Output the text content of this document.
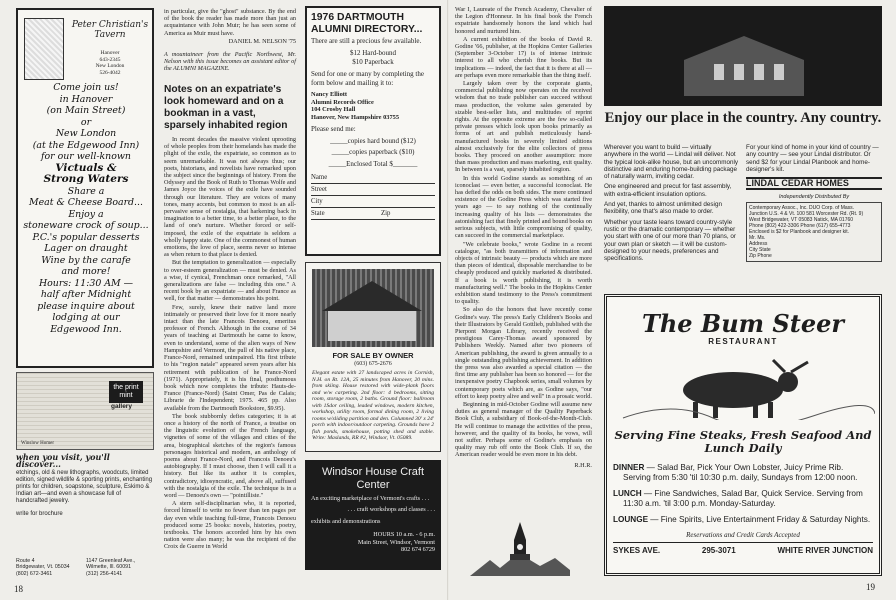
Peter Christian's Tavern
Hanover
643-2345
New London
526-4042
Come join us!
in Hanover
(on Main Street)
or
New London
(at the Edgewood Inn)
for our well-known
Victuals &
Strong Waters
Share a
Meat & Cheese Board...
Enjoy a
stoneware crock of soup...
P.C.'s popular desserts
Lager on draught
Wine by the carafe
and more!
Hours: 11:30 AM —
half after Midnight
please inquire about
lodging at our
Edgewood Inn.
the print mint
gallery
Winslow Homer
when you visit, you'll discover...
etchings, old & new lithographs, woodcuts, limited edition, signed wildlife & sporting prints, enchanting prints for children, soapstone, sculpture, Eskimo & Indian art—and even a showcase full of handcrafted jewelry.
write for brochure
Route 4
Bridgewater, Vt. 05034
(802) 672-3461
1147 Greenleaf Ave.,
Wilmette, Ill. 60091
(312) 256-4141
18

in particular, give the "ghost" substance. By the end of the book the reader has made more than just an acquaintance with John Muir; he has seen some of America as Muir must have.

DANIEL M. NELSON '75
A mountaineer from the Pacific Northwest, Mr. Nelson with this issue becomes an assistant editor of the ALUMNI MAGAZINE.
Notes on an expatriate's look homeward and on a bookman in a vast, sparsely inhabited region

In recent decades the massive violent uprooting of whole peoples from their homelands has made the plight of the exile, the expatriate, so common as to seem unremarkable. It was not always thus; our poets, historians, and novelists have remarked upon the subject since the beginnings of history. From the Odyssey and the Book of Ruth to Thomas Wolfe and James Joyce the voices of the exile have sounded through our literature. They are voices of many tones, many accents, but common to most is an all-pervasive sense of nostalgia, that harkening back in imagination to a better time, to a better place, to the land of one's nurture. Whether forced or self-imposed, the exile of the expatriate is seldom a wholly happy state. One of the commonest of human emotions, the love of place, seems never so intense as when return to that place is denied.

But the temptation to generalization — especially to over-esteem generalization — must be denied. As a wise, if cynical, Frenchman once remarked, "All generalizations are false — including this one." A recent book by an expatriate — and about France as well, for that matter — demonstrates his point.

Few, surely, knew their native land more intimately or preserved their love for it more nearly intact than the late Francois Denoeu, emeritus professor of French. Although in the course of 34 years of teaching at Dartmouth he came to know, even to understand, some of the alien ways of New Hampshire and Vermont, the pull of his native place, France-Nord, remained unimpaired. His first tribute to his "region natale" appeared seven years after his retirement with publication of he France-Nord (1971). Appropriately, it is his final, posthumous book which now completes the tribute: Hauts-de-France (France-Nord) (Saint Omer, Pas de Calais; Librarie de l'Independent; 1975. 465 pp. Also available from the Dartmouth Bookstore, $9.95).

The book stubbornly defies categories; it is at once a history of the north of France, a treatise on the linguistic evolution of the French language, vignettes of some of the villages and cities of the area, biographical sketches of the region's famous personages historical and modern, an anthology of poems about France-Nord, and Francois Denoeu's autobiography. If I must choose, then I will call it a history. But like its author it is complex, contradictory, idiosyncratic, and, above all, suffused with the nostalgia of the exile. The technique is in a word — Denoeu's own — "pointilliste."

A stern self-disciplinarian who, it is reported, forced himself to write no fewer than ten pages per day even while teaching full-time, Francois Denoeu produced some 25 books: novels, histories, poetry, textbooks. The honors accorded him by his own nation were also many; he was the recipient of the Croix de Guerre in World

1976 DARTMOUTH ALUMNI DIRECTORY...
There are still a precious few available.
$12 Hard-bound
$10 Paperback
Send for one or many by completing the form below and mailing it to:
Nancy Elliott
Alumni Records Office
104 Crosby Hall
Hanover, New Hampshire 03755
Please send me:
_____copies hard bound ($12)
_____copies paperback ($10)
_____Enclosed Total $_______
Name
Street
City
State	Zip
FOR SALE BY OWNER
(603) 675-2676
Elegant estate with 27 landscaped acres in Cornish, N.H. on Rt. 12A, 25 minutes from Hanover, 20 mins. from skiing. House restored with wide-plank floors and w/w carpeting. 2nd floor: 4 bedrooms, sitting room, storage room, 2 baths. Ground floor: ballroom with 1Sdor ceiling, leaded windows, modern kitchen, workshop, utility room, formal dining room, 2 living rooms w/sliding partition and den. Columned 30' x 24' porch with indoor/outdoor carpeting. Grounds have 2 fish ponds, smokehouse, potting shed and stable. Write: Maslands, RR #2, Windsor, Vt. 05089.
Windsor House Craft Center
An exciting marketplace of Vermont's crafts . . .
. . . craft workshops and classes . . .
exhibits and demonstrations
HOURS 10 a.m. - 6 p.m.
Main Street, Windsor, Vermont
802 674 6729

War I, Laureate of the French Academy, Chevalier of the Legion d'Honneur. In his final book the French expatriate handsomely honors the land which had honored and nurtured him.

A current exhibition of the books of David R. Godine '66, publisher, at the Hopkins Center Galleries (September 3-October 17) is of intense intrinsic interest to all who cherish fine books. But its implications — indeed, the fact that it is there at all — are perhaps even more remarkable than the thing itself.

Largely taken over by the corporate giants, commercial publishing now operates on the received wisdom that no trade publisher can succeed without mass production, the volume sales generated by sizable best-seller lists, and multitudes of reprint rights. At the opposite extreme are the few so-called private presses which look upon books primarily as forms of art and publish meticulously hand-manufactured books in severely limited editions almost exclusively for the elite collectors of press books. They proceed on another assumption: more than mass production and mass marketing, exit quality. In between is a vast, sparsely inhabited region.

In this world Godine stands as something of an iconoclast — even better, a successful iconoclast. He has defied the odds on both sides. The mere continued existence of the Godine Press which was started five years ago — to say nothing of the continually increasing quality of his lists — demonstrates the astonishing fact that finely printed and bound books on serious subjects, with little compromising of quality, can succeed in the commercial marketplace.

"We celebrate books," wrote Godine in a recent catalogue, "as both transmitters of information and objects of intrinsic beauty — products which are more than pieces of identical, disposable merchandise to be cheaply produced and quickly marketed & distributed. If a book is worth publishing, it is worth manufacturing well." The books in the Hopkins Center exhibition stand testimony to the Press's commitment to quality.

So also do the honors that have recently come Godine's way. The press's Early Children's Books and their Illustrators by Gerald Gottlieb, published with the Pierpont Morgan Library, recently received the prestigious Carey-Thomas award sponsored by Publishers Weekly. Named after two pioneers of American publishing, the award is given annually to a single outstanding publishing achievement. In addition the press was also awarded a special citation — the first time any publisher has been so honored — for the inexpensive poetry Chapbook series, small volumes by contemporary poets which are, as Godine says, "our effort to keep poetry alive and well" in a prosaic world.

Beginning in mid-October Godine will assume new duties as general manager of the Quality Paperback Book Club, a subsidiary of Book-of-the-Month-Club. He will continue to manage the activities of the press, however, and the quality of its books, he vows, will not suffer. Perhaps some of Godine's emphasis on quality may rub off onto the Book Club. If so, the American reader would be even more in his debt.

R.H.R.
Enjoy our place in the country. Any country.

Wherever you want to build — virtually anywhere in the world — Lindal will deliver. Not the typical look-alike house, but an uncommonly distinctive and enduring home-building package of naturally warm, inviting cedar.

One engineered and precut for fast assembly, with extra-efficient insulation options.

And yet, thanks to almost unlimited design flexibility, one that's also made to order.

Whether your taste leans toward country-style rustic or the dramatic contemporary — whether you start with one of our more than 70 plans, or your own plan or sketch — it will be custom-designed to your needs, preferences and specifications.

For your kind of home in your kind of country — any country — see your Lindal distributor. Or send $2 for your Lindal Planbook and home-designer's kit.

LINDAL CEDAR HOMES
Independently Distributed By
Contemporary Assoc., Inc. DUO Corp. of Mass.
Junction U.S. 4 & Vt. 100 581 Worcester Rd. (Rt. 9)
West Bridgewater, VT 05083 Natick, MA 01760
Phone (802) 422-3306 Phone (617) 655-4773
Enclosed is $2 for Planbook and designer kit.
Mr. Ms.
Address
City State
Zip Phone
The Bum Steer
RESTAURANT
Serving Fine Steaks, Fresh Seafood And Lunch Daily
DINNER — Salad Bar, Pick Your Own Lobster, Juicy Prime Rib. Serving from 5:30 'til 10:30 p.m. daily, Sundays from 12:00 noon.
LUNCH — Fine Sandwiches, Salad Bar, Quick Service. Serving from 11:30 a.m. 'til 3:00 p.m. Monday-Saturday.
LOUNGE — Fine Spirits, Live Entertainment Friday & Saturday Nights.
Reservations and Credit Cards Accepted
SYKES AVE.	295-3071	WHITE RIVER JUNCTION
19
